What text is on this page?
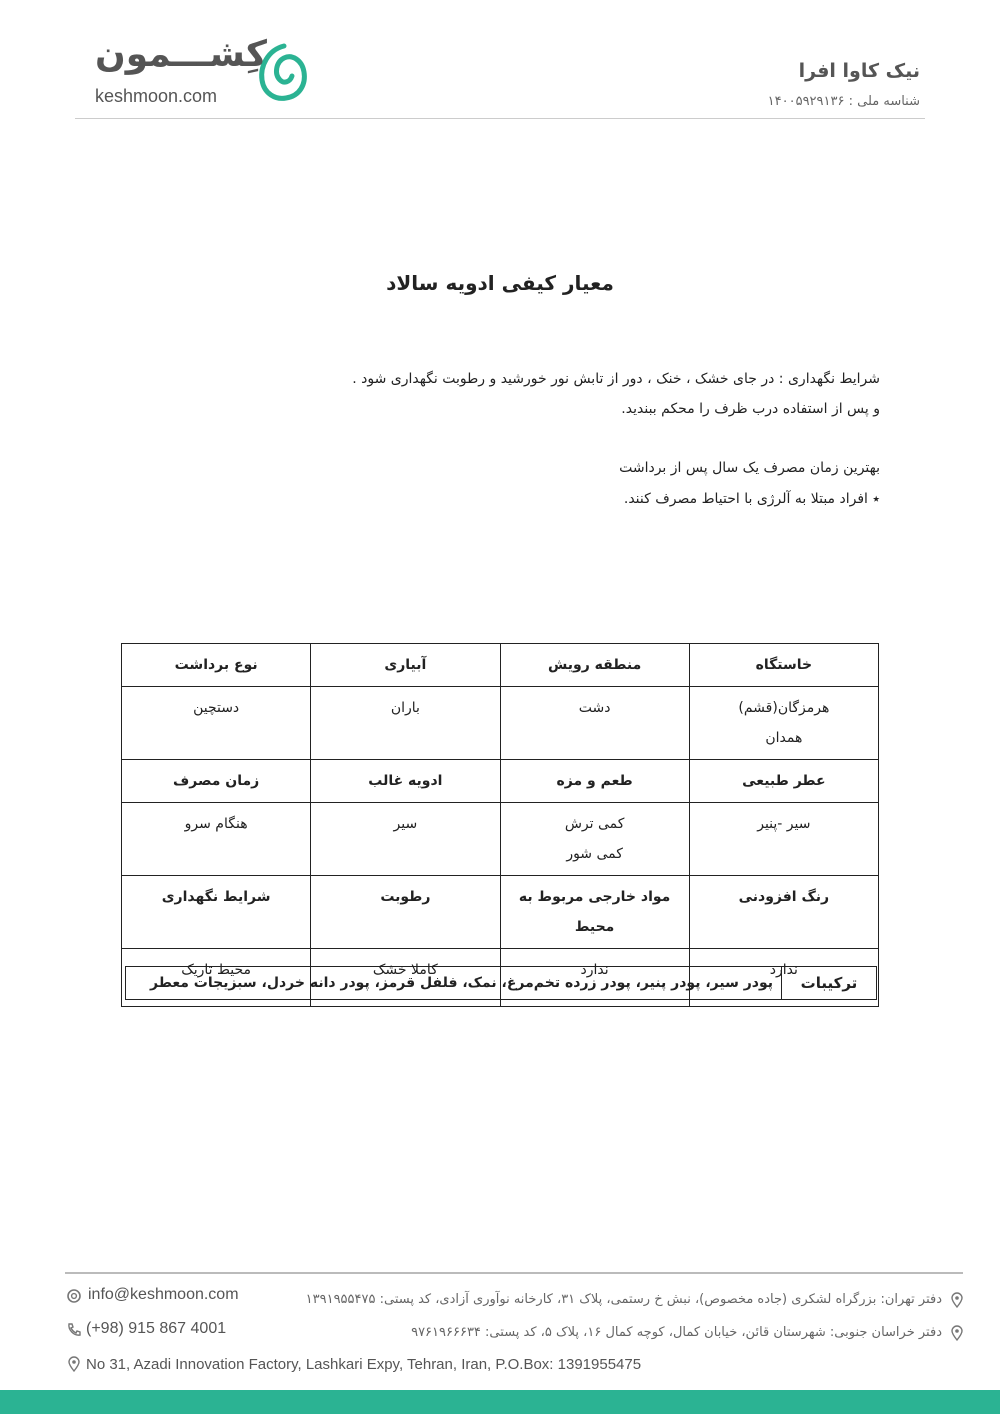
کِشـــمون
keshmoon.com
نیک کاوا افرا
شناسه ملی : ۱۴۰۰۵۹۲۹۱۳۶
معیار کیفی ادویه سالاد
شرایط نگهداری : در جای خشک ، خنک ، دور از تابش نور خورشید و رطوبت نگهداری شود .
و پس از استفاده درب ظرف را محکم ببندید.
بهترین زمان مصرف یک سال پس از برداشت
٭ افراد مبتلا به آلرژی با احتیاط مصرف کنند.
خاستگاه	منطقه رویش	آبیاری	نوع برداشت
هرمزگان(قشم)
همدان	دشت	باران	دستچین
عطر طبیعی	طعم و مزه	ادویه غالب	زمان مصرف
سیر -پنیر	کمی ترش
کمی شور	سیر	هنگام سرو
رنگ افزودنی	مواد خارجی مربوط به محیط	رطوبت	شرایط نگهداری
ندارد	ندارد	کاملا خشک	محیط تاریک
ترکیبات	پودر سیر، پودر پنیر، پودر زرده تخم‌مرغ، نمک، فلفل قرمز، پودر دانه خردل، سبزیجات معطر
info@keshmoon.com
(+98) 915 867 4001
No 31, Azadi Innovation Factory, Lashkari Expy, Tehran, Iran, P.O.Box: 1391955475
دفتر تهران: بزرگراه لشکری (جاده مخصوص)، نبش خ رستمی، پلاک ۳۱، کارخانه نوآوری آزادی، کد پستی: ۱۳۹۱۹۵۵۴۷۵
دفتر خراسان جنوبی: شهرستان قائن، خیابان کمال، کوچه کمال ۱۶، پلاک ۵، کد پستی: ۹۷۶۱۹۶۶۶۳۴
